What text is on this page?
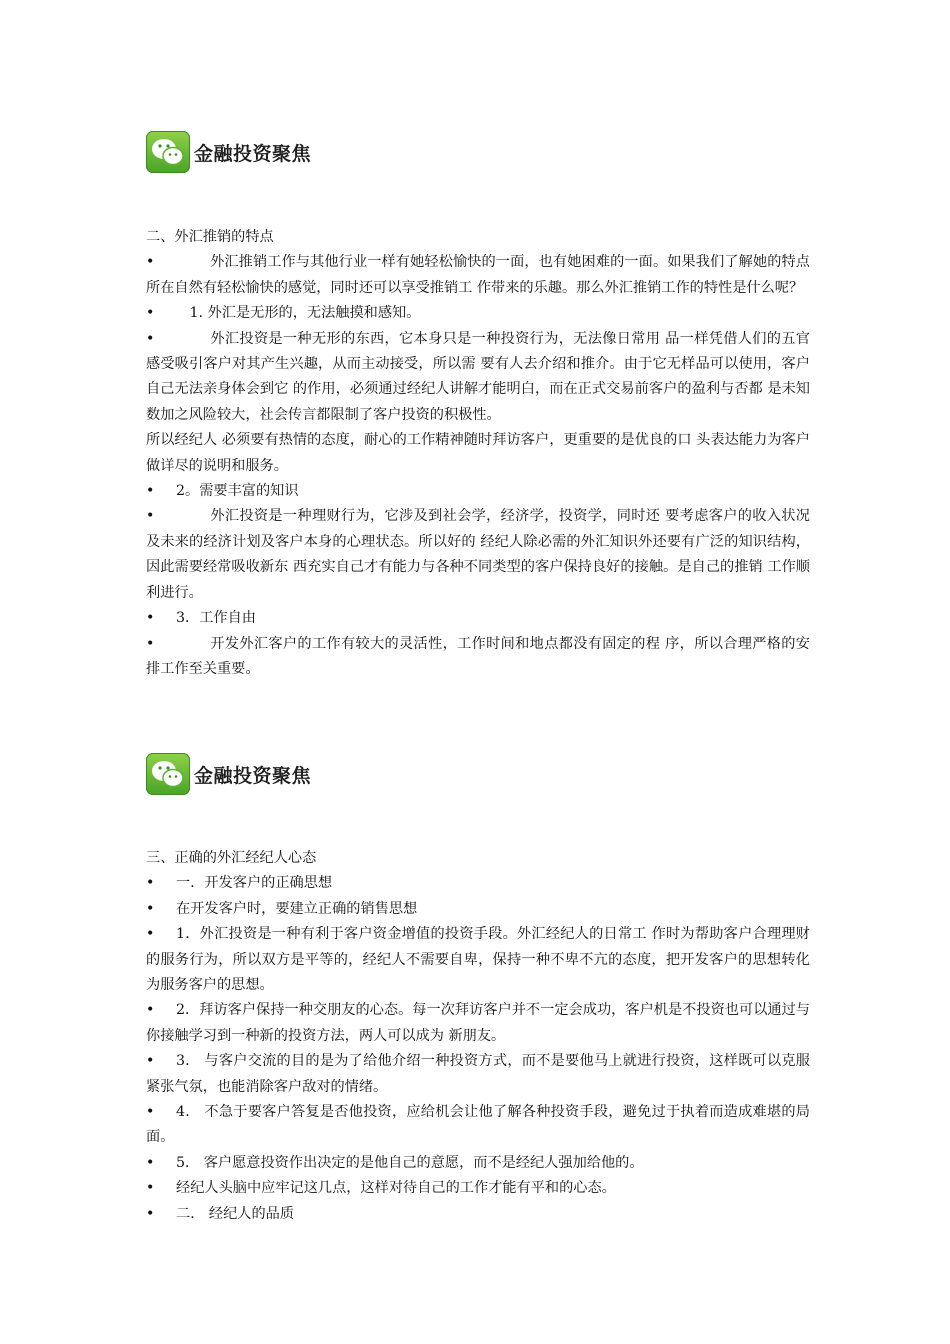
金融投资聚焦

二、外汇推销的特点

•	外汇推销工作与其他行业一样有她轻松愉快的一面，也有她困难的一面。如果我们了解她的特点所在自然有轻松愉快的感觉，同时还可以享受推销工 作带来的乐趣。那么外汇推销工作的特性是什么呢？

• 1. 外汇是无形的，无法触摸和感知。

•	外汇投资是一种无形的东西，它本身只是一种投资行为，无法像日常用 品一样凭借人们的五官感受吸引客户对其产生兴趣，从而主动接受，所以需 要有人去介绍和推介。由于它无样品可以使用，客户自己无法亲身体会到它 的作用，必须通过经纪人讲解才能明白，而在正式交易前客户的盈利与否都 是未知数加之风险较大，社会传言都限制了客户投资的积极性。

所以经纪人 必须要有热情的态度，耐心的工作精神随时拜访客户，更重要的是优良的口 头表达能力为客户做详尽的说明和服务。

• 2。需要丰富的知识

•	外汇投资是一种理财行为，它涉及到社会学，经济学，投资学，同时还 要考虑客户的收入状况及未来的经济计划及客户本身的心理状态。所以好的 经纪人除必需的外汇知识外还要有广泛的知识结构，因此需要经常吸收新东 西充实自己才有能力与各种不同类型的客户保持良好的接触。是自己的推销 工作顺利进行。

• 3．工作自由

•	开发外汇客户的工作有较大的灵活性，工作时间和地点都没有固定的程 序，所以合理严格的安排工作至关重要。

金融投资聚焦

三、正确的外汇经纪人心态

• 一．开发客户的正确思想

• 在开发客户时，要建立正确的销售思想

• 1．外汇投资是一种有利于客户资金增值的投资手段。外汇经纪人的日常工 作时为帮助客户合理理财的服务行为，所以双方是平等的，经纪人不需要自卑，保持一种不卑不亢的态度，把开发客户的思想转化为服务客户的思想。

• 2．拜访客户保持一种交朋友的心态。每一次拜访客户并不一定会成功，客户机是不投资也可以通过与你接触学习到一种新的投资方法，两人可以成为 新朋友。

• 3． 与客户交流的目的是为了给他介绍一种投资方式，而不是要他马上就进行投资，这样既可以克服紧张气氛，也能消除客户敌对的情绪。

• 4． 不急于要客户答复是否他投资，应给机会让他了解各种投资手段，避免过于执着而造成难堪的局面。

• 5． 客户愿意投资作出决定的是他自己的意愿，而不是经纪人强加给他的。

• 经纪人头脑中应牢记这几点，这样对待自己的工作才能有平和的心态。

• 二． 经纪人的品质
